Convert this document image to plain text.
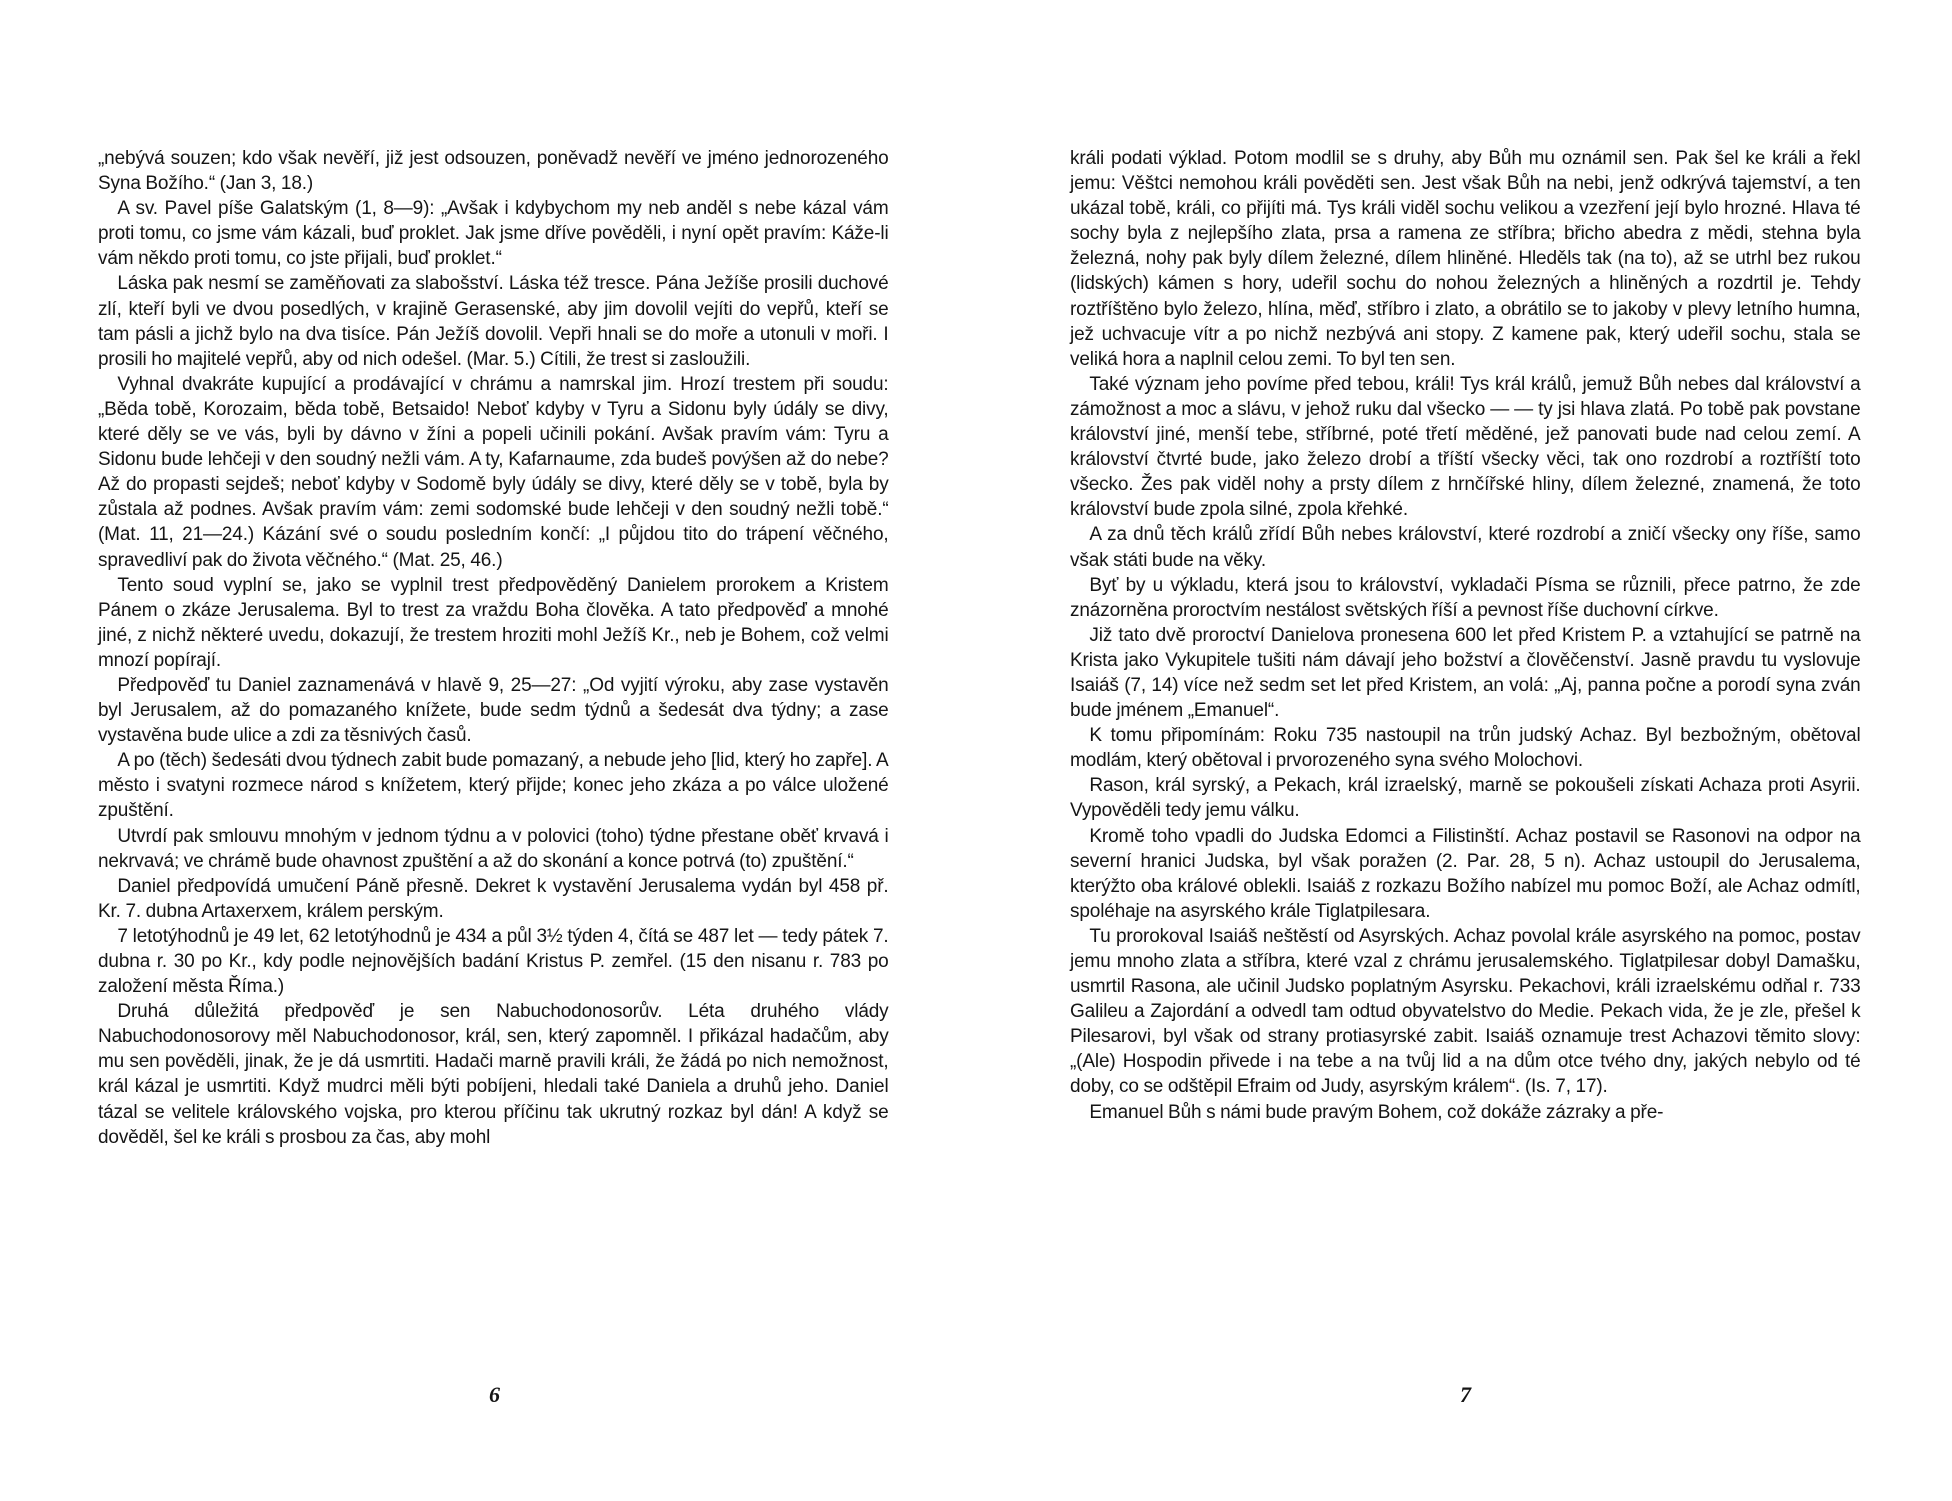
„nebývá souzen; kdo však nevěří, již jest odsouzen, poněvadž nevěří ve jméno jednorozeného Syna Božího.“ (Jan 3, 18.)

A sv. Pavel píše Galatským (1, 8—9): „Avšak i kdybychom my neb anděl s nebe kázal vám proti tomu, co jsme vám kázali, buď proklet. Jak jsme dříve pověděli, i nyní opět pravím: Káže-li vám někdo proti tomu, co jste přijali, buď proklet.“

Láska pak nesmí se zaměňovati za slabošství. Láska též tresce. Pána Ježíše prosili duchové zlí, kteří byli ve dvou posedlých, v krajině Gerasenské, aby jim dovolil vejíti do vepřů, kteří se tam pásli a jichž bylo na dva tisíce. Pán Ježíš dovolil. Vepři hnali se do moře a utonuli v moři. I prosili ho majitelé vepřů, aby od nich odešel. (Mar. 5.) Cítili, že trest si zasloužili.

Vyhnal dvakráte kupující a prodávající v chrámu a namrskal jim. Hrozí trestem při soudu: „Běda tobě, Korozaim, běda tobě, Betsaido! Neboť kdyby v Tyru a Sidonu byly údály se divy, které děly se ve vás, byli by dávno v žíni a popeli učinili pokání. Avšak pravím vám: Tyru a Sidonu bude lehčeji v den soudný nežli vám. A ty, Kafarnaume, zda budeš povýšen až do nebe? Až do propasti sejdeš; neboť kdyby v Sodomě byly údály se divy, které děly se v tobě, byla by zůstala až podnes. Avšak pravím vám: zemi sodomské bude lehčeji v den soudný nežli tobě.“ (Mat. 11, 21—24.) Kázání své o soudu posledním končí: „I půjdou tito do trápení věčného, spravedliví pak do života věčného.“ (Mat. 25, 46.)

Tento soud vyplní se, jako se vyplnil trest předpověděný Danielem prorokem a Kristem Pánem o zkáze Jerusalema. Byl to trest za vraždu Boha člověka. A tato předpověď a mnohé jiné, z nichž některé uvedu, dokazují, že trestem hroziti mohl Ježíš Kr., neb je Bohem, což velmi mnozí popírají.

Předpověď tu Daniel zaznamenává v hlavě 9, 25—27: „Od vyjití výroku, aby zase vystavěn byl Jerusalem, až do pomazaného knížete, bude sedm týdnů a šedesát dva týdny; a zase vystavěna bude ulice a zdi za těsnivých časů.

A po (těch) šedesáti dvou týdnech zabit bude pomazaný, a nebude jeho [lid, který ho zapře]. A město i svatyni rozmece národ s knížetem, který přijde; konec jeho zkáza a po válce uložené zpuštění.

Utvrdí pak smlouvu mnohým v jednom týdnu a v polovici (toho) týdne přestane oběť krvavá i nekrvavá; ve chrámě bude ohavnost zpuštění a až do skonání a konce potrvá (to) zpuštění.“

Daniel předpovídá umučení Páně přesně. Dekret k vystavění Jerusalema vydán byl 458 př. Kr. 7. dubna Artaxerxem, králem perským.

7 letotýhodnů je 49 let, 62 letotýhodnů je 434 a půl 3½ týden 4, čítá se 487 let — tedy pátek 7. dubna r. 30 po Kr., kdy podle nejnovějších badání Kristus P. zemřel. (15 den nisanu r. 783 po založení města Říma.)

Druhá důležitá předpověď je sen Nabuchodonosorův. Léta druhého vlády Nabuchodonosorovy měl Nabuchodonosor, král, sen, který zapomněl. I přikázal hadačům, aby mu sen pověděli, jinak, že je dá usmrtiti. Hadači marně pravili králi, že žádá po nich nemožnost, král kázal je usmrtiti. Když mudrci měli býti pobíjeni, hledali také Daniela a druhů jeho. Daniel tázal se velitele královského vojska, pro kterou příčinu tak ukrutný rozkaz byl dán! A když se dověděl, šel ke králi s prosbou za čas, aby mohl

králi podati výklad. Potom modlil se s druhy, aby Bůh mu oznámil sen. Pak šel ke králi a řekl jemu: Věštci nemohou králi pověděti sen. Jest však Bůh na nebi, jenž odkrývá tajemství, a ten ukázal tobě, králi, co přijíti má. Tys králi viděl sochu velikou a vzezření její bylo hrozné. Hlava té sochy byla z nejlepšího zlata, prsa a ramena ze stříbra; břicho abedra z mědi, stehna byla železná, nohy pak byly dílem železné, dílem hliněné. Hleděls tak (na to), až se utrhl bez rukou (lidských) kámen s hory, udeřil sochu do nohou železných a hliněných a rozdrtil je. Tehdy roztříštěno bylo železo, hlína, měď, stříbro i zlato, a obrátilo se to jakoby v plevy letního humna, jež uchvacuje vítr a po nichž nezbývá ani stopy. Z kamene pak, který udeřil sochu, stala se veliká hora a naplnil celou zemi. To byl ten sen.

Také význam jeho povíme před tebou, králi! Tys král králů, jemuž Bůh nebes dal království a zámožnost a moc a slávu, v jehož ruku dal všecko — — ty jsi hlava zlatá. Po tobě pak povstane království jiné, menší tebe, stříbrné, poté třetí měděné, jež panovati bude nad celou zemí. A království čtvrté bude, jako železo drobí a tříští všecky věci, tak ono rozdrobí a roztříští toto všecko. Žes pak viděl nohy a prsty dílem z hrnčířské hliny, dílem železné, znamená, že toto království bude zpola silné, zpola křehké.

A za dnů těch králů zřídí Bůh nebes království, které rozdrobí a zničí všecky ony říše, samo však státi bude na věky.

Byť by u výkladu, která jsou to království, vykladači Písma se různili, přece patrno, že zde znázorněna proroctvím nestálost světských říší a pevnost říše duchovní církve.

Již tato dvě proroctví Danielova pronesena 600 let před Kristem P. a vztahující se patrně na Krista jako Vykupitele tušiti nám dávají jeho božství a člověčenství. Jasně pravdu tu vyslovuje Isaiáš (7, 14) více než sedm set let před Kristem, an volá: „Aj, panna počne a porodí syna zván bude jménem „Emanuel“.

K tomu připomínám: Roku 735 nastoupil na trůn judský Achaz. Byl bezbožným, obětoval modlám, který obětoval i prvorozeného syna svého Molochovi.

Rason, král syrský, a Pekach, král izraelský, marně se pokoušeli získati Achaza proti Asyrii. Vypověděli tedy jemu válku.

Kromě toho vpadli do Judska Edomci a Filistinští. Achaz postavil se Rasonovi na odpor na severní hranici Judska, byl však poražen (2. Par. 28, 5 n). Achaz ustoupil do Jerusalema, kterýžto oba králové oblekli. Isaiáš z rozkazu Božího nabízel mu pomoc Boží, ale Achaz odmítl, spoléhaje na asyrského krále Tiglatpilesara.

Tu prorokoval Isaiáš neštěstí od Asyrských. Achaz povolal krále asyrského na pomoc, postav jemu mnoho zlata a stříbra, které vzal z chrámu jerusalemského. Tiglatpilesar dobyl Damašku, usmrtil Rasona, ale učinil Judsko poplatným Asyrsku. Pekachovi, králi izraelskému odňal r. 733 Galileu a Zajordání a odvedl tam odtud obyvatelstvo do Medie. Pekach vida, že je zle, přešel k Pilesarovi, byl však od strany protiasyrské zabit. Isaiáš oznamuje trest Achazovi těmito slovy: „(Ale) Hospodin přivede i na tebe a na tvůj lid a na dům otce tvého dny, jakých nebylo od té doby, co se odštěpil Efraim od Judy, asyrským králem“. (Is. 7, 17).

Emanuel Bůh s námi bude pravým Bohem, což dokáže zázraky a pře-

6	7
